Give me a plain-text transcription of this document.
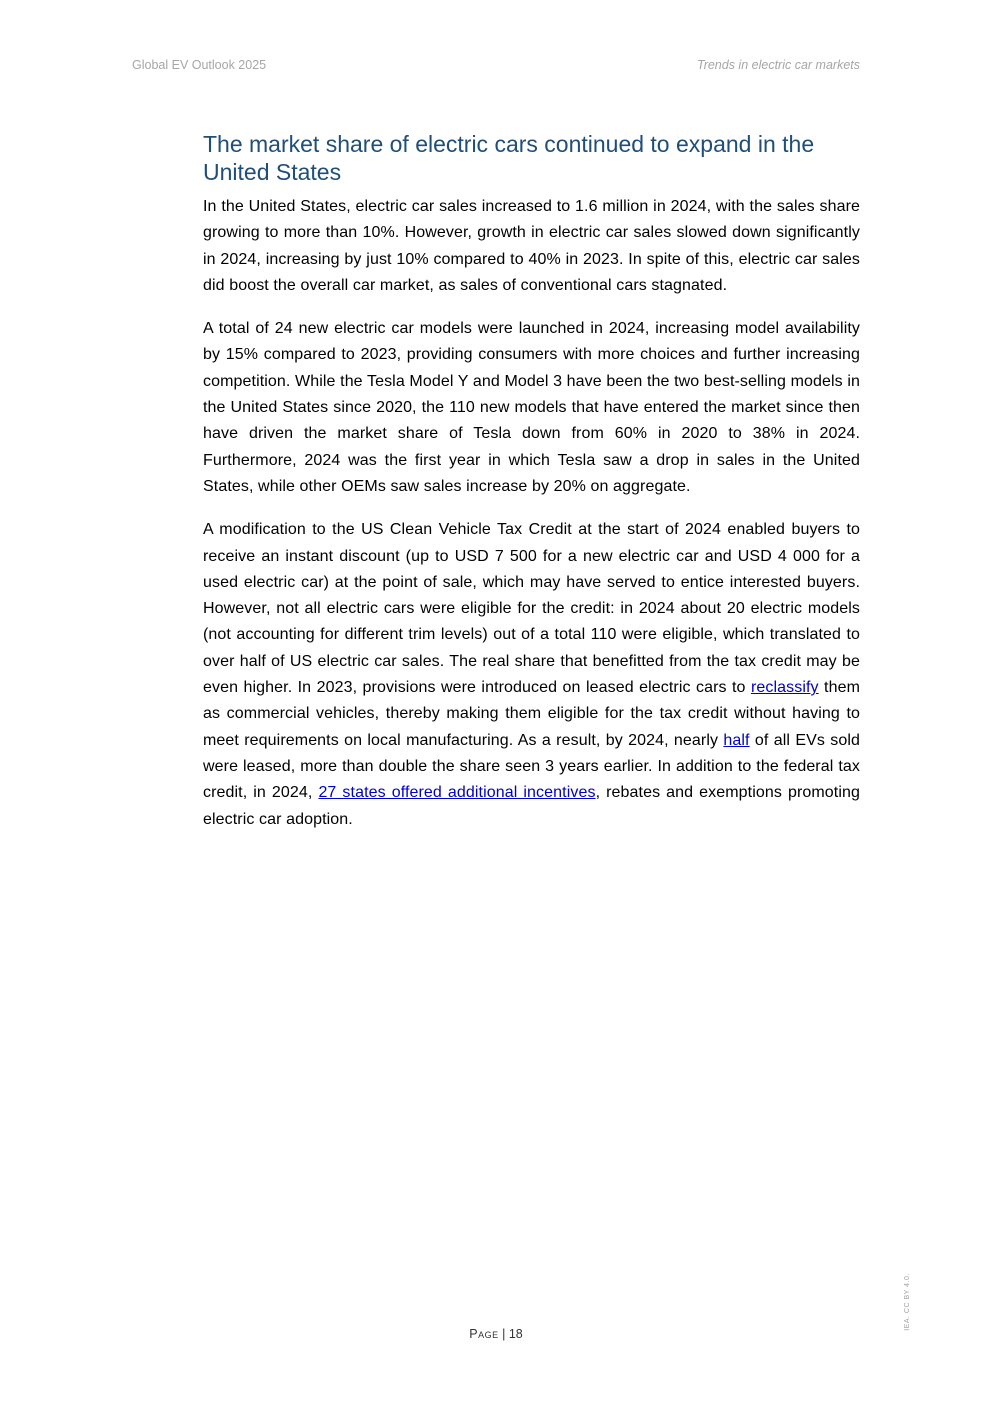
Global EV Outlook 2025	Trends in electric car markets
The market share of electric cars continued to expand in the United States

In the United States, electric car sales increased to 1.6 million in 2024, with the sales share growing to more than 10%. However, growth in electric car sales slowed down significantly in 2024, increasing by just 10% compared to 40% in 2023. In spite of this, electric car sales did boost the overall car market, as sales of conventional cars stagnated.

A total of 24 new electric car models were launched in 2024, increasing model availability by 15% compared to 2023, providing consumers with more choices and further increasing competition. While the Tesla Model Y and Model 3 have been the two best-selling models in the United States since 2020, the 110 new models that have entered the market since then have driven the market share of Tesla down from 60% in 2020 to 38% in 2024. Furthermore, 2024 was the first year in which Tesla saw a drop in sales in the United States, while other OEMs saw sales increase by 20% on aggregate.

A modification to the US Clean Vehicle Tax Credit at the start of 2024 enabled buyers to receive an instant discount (up to USD 7 500 for a new electric car and USD 4 000 for a used electric car) at the point of sale, which may have served to entice interested buyers. However, not all electric cars were eligible for the credit: in 2024 about 20 electric models (not accounting for different trim levels) out of a total 110 were eligible, which translated to over half of US electric car sales. The real share that benefitted from the tax credit may be even higher. In 2023, provisions were introduced on leased electric cars to reclassify them as commercial vehicles, thereby making them eligible for the tax credit without having to meet requirements on local manufacturing. As a result, by 2024, nearly half of all EVs sold were leased, more than double the share seen 3 years earlier. In addition to the federal tax credit, in 2024, 27 states offered additional incentives, rebates and exemptions promoting electric car adoption.

Page | 18
IEA. CC BY 4.0.
